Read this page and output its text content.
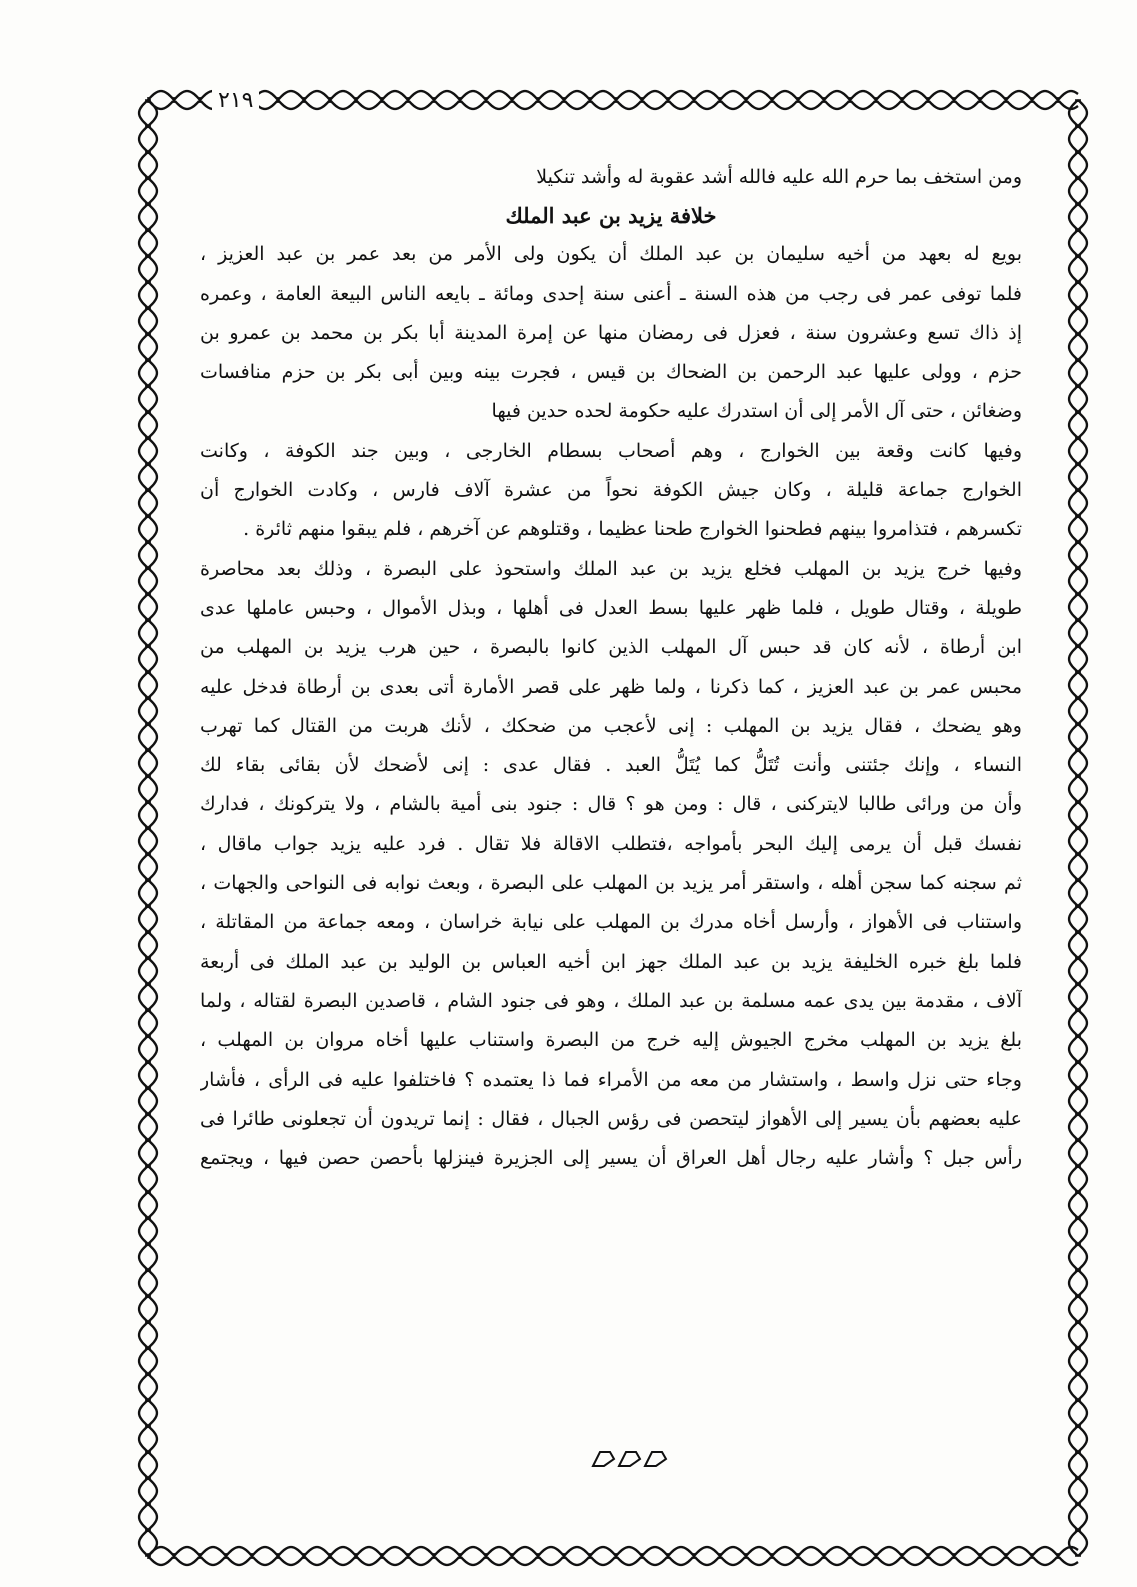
٢١٩
ومن استخف بما حرم الله عليه فالله أشد عقوبة له وأشد تنكيلا
خلافة يزيد بن عبد الملك
بويع له بعهد من أخيه سليمان بن عبد الملك أن يكون ولى الأمر من بعد عمر بن عبد العزيز ،
فلما توفى عمر فى رجب من هذه السنة ـ أعنى سنة إحدى ومائة ـ بايعه الناس البيعة العامة ، وعمره
إذ ذاك تسع وعشرون سنة ، فعزل فى رمضان منها عن إمرة المدينة أبا بكر بن محمد بن عمرو بن
حزم ، وولى عليها عبد الرحمن بن الضحاك بن قيس ، فجرت بينه وبين أبى بكر بن حزم منافسات
وضغائن ، حتى آل الأمر إلى أن استدرك عليه حكومة لحده حدين فيها
وفيها كانت وقعة بين الخوارج ، وهم أصحاب بسطام الخارجى ، وبين جند الكوفة ، وكانت
الخوارج جماعة قليلة ، وكان جيش الكوفة نحواً من عشرة آلاف فارس ، وكادت الخوارج أن
تكسرهم ، فتذامروا بينهم فطحنوا الخوارج طحنا عظيما ، وقتلوهم عن آخرهم ، فلم يبقوا منهم ثائرة .
وفيها خرج يزيد بن المهلب فخلع يزيد بن عبد الملك واستحوذ على البصرة ، وذلك بعد محاصرة
طويلة ، وقتال طويل ، فلما ظهر عليها بسط العدل فى أهلها ، وبذل الأموال ، وحبس عاملها عدى
ابن أرطاة ، لأنه كان قد حبس آل المهلب الذين كانوا بالبصرة ، حين هرب يزيد بن المهلب من
محبس عمر بن عبد العزيز ، كما ذكرنا ، ولما ظهر على قصر الأمارة أتى بعدى بن أرطاة فدخل عليه
وهو يضحك ، فقال يزيد بن المهلب : إنى لأعجب من ضحكك ، لأنك هربت من القتال كما تهرب
النساء ، وإنك جئتنى وأنت تُتَلُّ كما يُتَلُّ العبد . فقال عدى : إنى لأضحك لأن بقائى بقاء لك
وأن من ورائى طالبا لايتركنى ، قال : ومن هو ؟ قال : جنود بنى أمية بالشام ، ولا يتركونك ، فدارك
نفسك قبل أن يرمى إليك البحر بأمواجه ،فتطلب الاقالة فلا تقال . فرد عليه يزيد جواب ماقال ،
ثم سجنه كما سجن أهله ، واستقر أمر يزيد بن المهلب على البصرة ، وبعث نوابه فى النواحى والجهات ،
واستناب فى الأهواز ، وأرسل أخاه مدرك بن المهلب على نيابة خراسان ، ومعه جماعة من المقاتلة ،
فلما بلغ خبره الخليفة يزيد بن عبد الملك جهز ابن أخيه العباس بن الوليد بن عبد الملك فى أربعة
آلاف ، مقدمة بين يدى عمه مسلمة بن عبد الملك ، وهو فى جنود الشام ، قاصدين البصرة لقتاله ، ولما
بلغ يزيد بن المهلب مخرج الجيوش إليه خرج من البصرة واستناب عليها أخاه مروان بن المهلب ،
وجاء حتى نزل واسط ، واستشار من معه من الأمراء فما ذا يعتمده ؟ فاختلفوا عليه فى الرأى ، فأشار
عليه بعضهم بأن يسير إلى الأهواز ليتحصن فى رؤس الجبال ، فقال : إنما تريدون أن تجعلونى طائرا فى
رأس جبل ؟ وأشار عليه رجال أهل العراق أن يسير إلى الجزيرة فينزلها بأحصن حصن فيها ، ويجتمع
